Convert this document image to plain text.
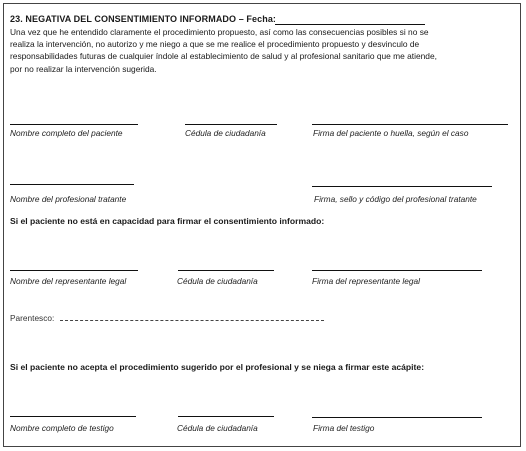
23. NEGATIVA DEL CONSENTIMIENTO INFORMADO – Fecha:
Una vez que he entendido claramente el procedimiento propuesto, así como las consecuencias posibles si no se
realiza la intervención, no autorizo y me niego a que se me realice el procedimiento propuesto y desvinculo de
responsabilidades futuras de cualquier índole al establecimiento de salud y al profesional sanitario que me atiende,
por no realizar la intervención sugerida.
Nombre completo del paciente	Cédula de ciudadanía	Firma del paciente o huella, según el caso
Nombre del profesional tratante	Firma, sello y código del profesional tratante
Si el paciente no está en capacidad para firmar el consentimiento informado:
Nombre del representante legal	Cédula de ciudadanía	Firma del representante legal
Parentesco:
Si el paciente no acepta el procedimiento sugerido por el profesional y se niega a firmar este acápite:
Nombre completo de testigo	Cédula de ciudadanía	Firma del testigo
